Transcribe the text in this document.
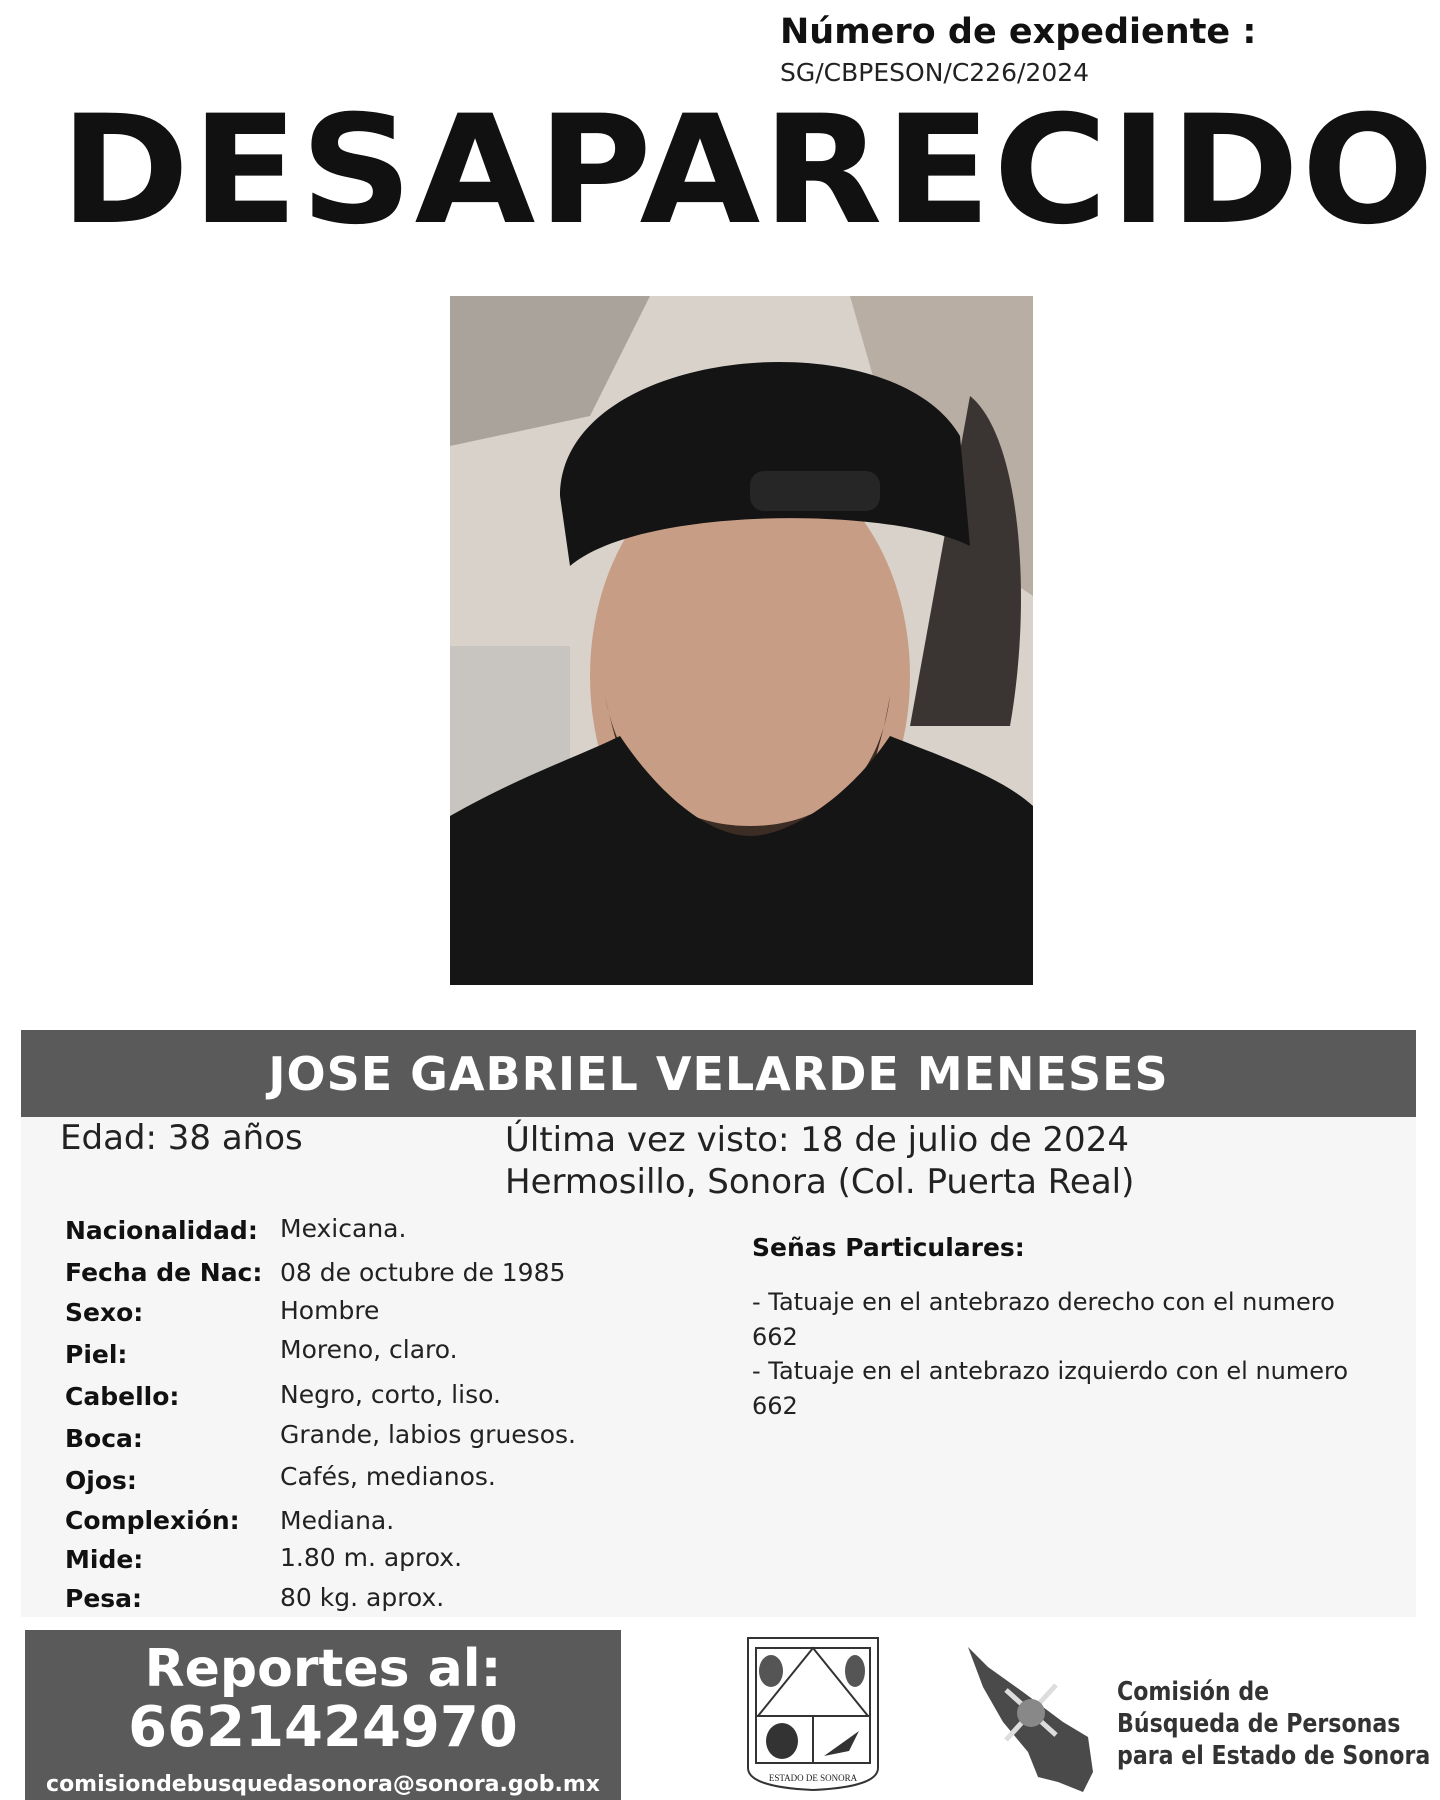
Número de expediente :
SG/CBPESON/C226/2024
DESAPARECIDO
JOSE GABRIEL VELARDE MENESES
Edad: 38 años	Última vez visto: 18 de julio de 2024
Hermosillo, Sonora (Col. Puerta Real)
Nacionalidad: Mexicana.
Fecha de Nac: 08 de octubre de 1985
Sexo:	Hombre
Piel:	Moreno, claro.
Cabello:	Negro, corto, liso.
Boca:	Grande, labios gruesos.
Ojos:	Cafés, medianos.
Complexión: Mediana.
Mide:	1.80 m. aprox.
Pesa:	80 kg. aprox.
Señas Particulares:
- Tatuaje en el antebrazo derecho con el numero
662
- Tatuaje en el antebrazo izquierdo con el numero
662
Reportes al:
6621424970
comisiondebusquedasonora@sonora.gob.mx	ESTADO DE SONORA
Comisión de
Búsqueda de Personas
para el Estado de Sonora
